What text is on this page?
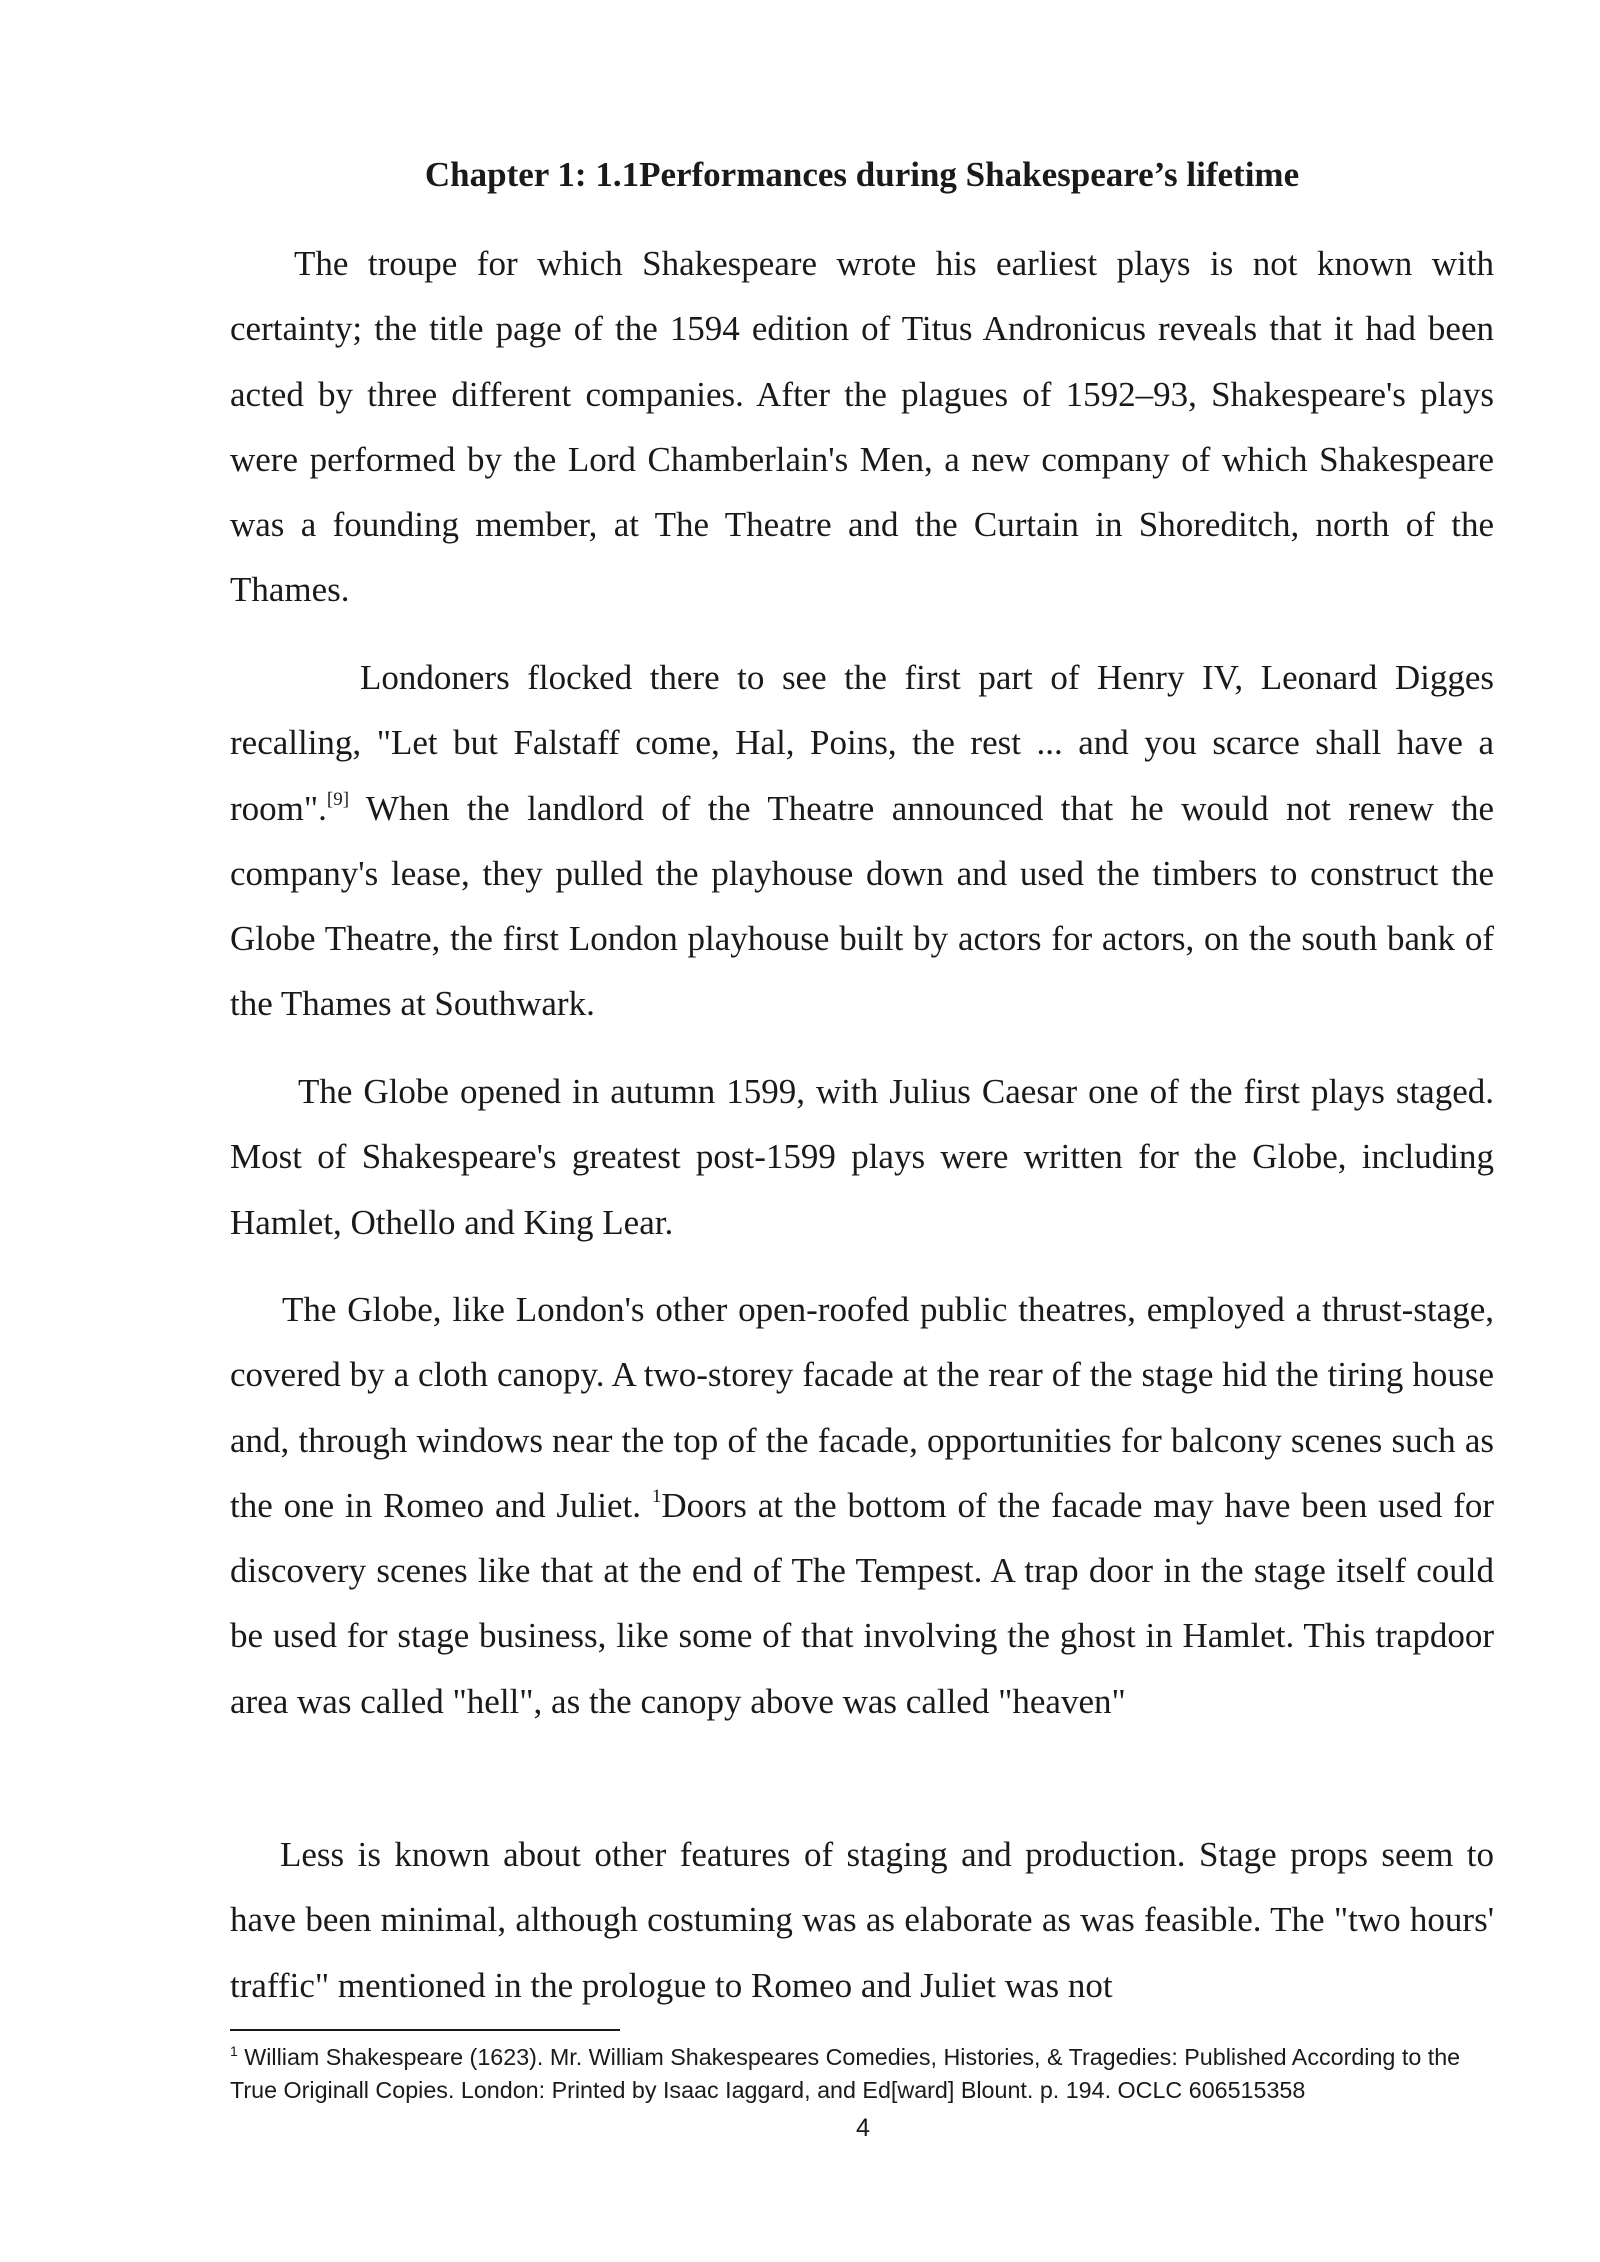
Chapter 1: 1.1Performances during Shakespeare’s lifetime

The troupe for which Shakespeare wrote his earliest plays is not known with certainty; the title page of the 1594 edition of Titus Andronicus reveals that it had been acted by three different companies. After the plagues of 1592–93, Shakespeare's plays were performed by the Lord Chamberlain's Men, a new company of which Shakespeare was a founding member, at The Theatre and the Curtain in Shoreditch, north of the Thames.

Londoners flocked there to see the first part of Henry IV, Leonard Digges recalling, "Let but Falstaff come, Hal, Poins, the rest ... and you scarce shall have a room".[9] When the landlord of the Theatre announced that he would not renew the company's lease, they pulled the playhouse down and used the timbers to construct the Globe Theatre, the first London playhouse built by actors for actors, on the south bank of the Thames at Southwark.

The Globe opened in autumn 1599, with Julius Caesar one of the first plays staged. Most of Shakespeare's greatest post-1599 plays were written for the Globe, including Hamlet, Othello and King Lear.

The Globe, like London's other open-roofed public theatres, employed a thrust-stage, covered by a cloth canopy. A two-storey facade at the rear of the stage hid the tiring house and, through windows near the top of the facade, opportunities for balcony scenes such as the one in Romeo and Juliet. $^1$Doors at the bottom of the facade may have been used for discovery scenes like that at the end of The Tempest. A trap door in the stage itself could be used for stage business, like some of that involving the ghost in Hamlet. This trapdoor area was called "hell", as the canopy above was called "heaven"

Less is known about other features of staging and production. Stage props seem to have been minimal, although costuming was as elaborate as was feasible. The "two hours' traffic" mentioned in the prologue to Romeo and Juliet was not

$^1$ William Shakespeare (1623). Mr. William Shakespeares Comedies, Histories, & Tragedies: Published According to the True Originall Copies. London: Printed by Isaac Iaggard, and Ed[ward] Blount. p. 194. OCLC 606515358

4
